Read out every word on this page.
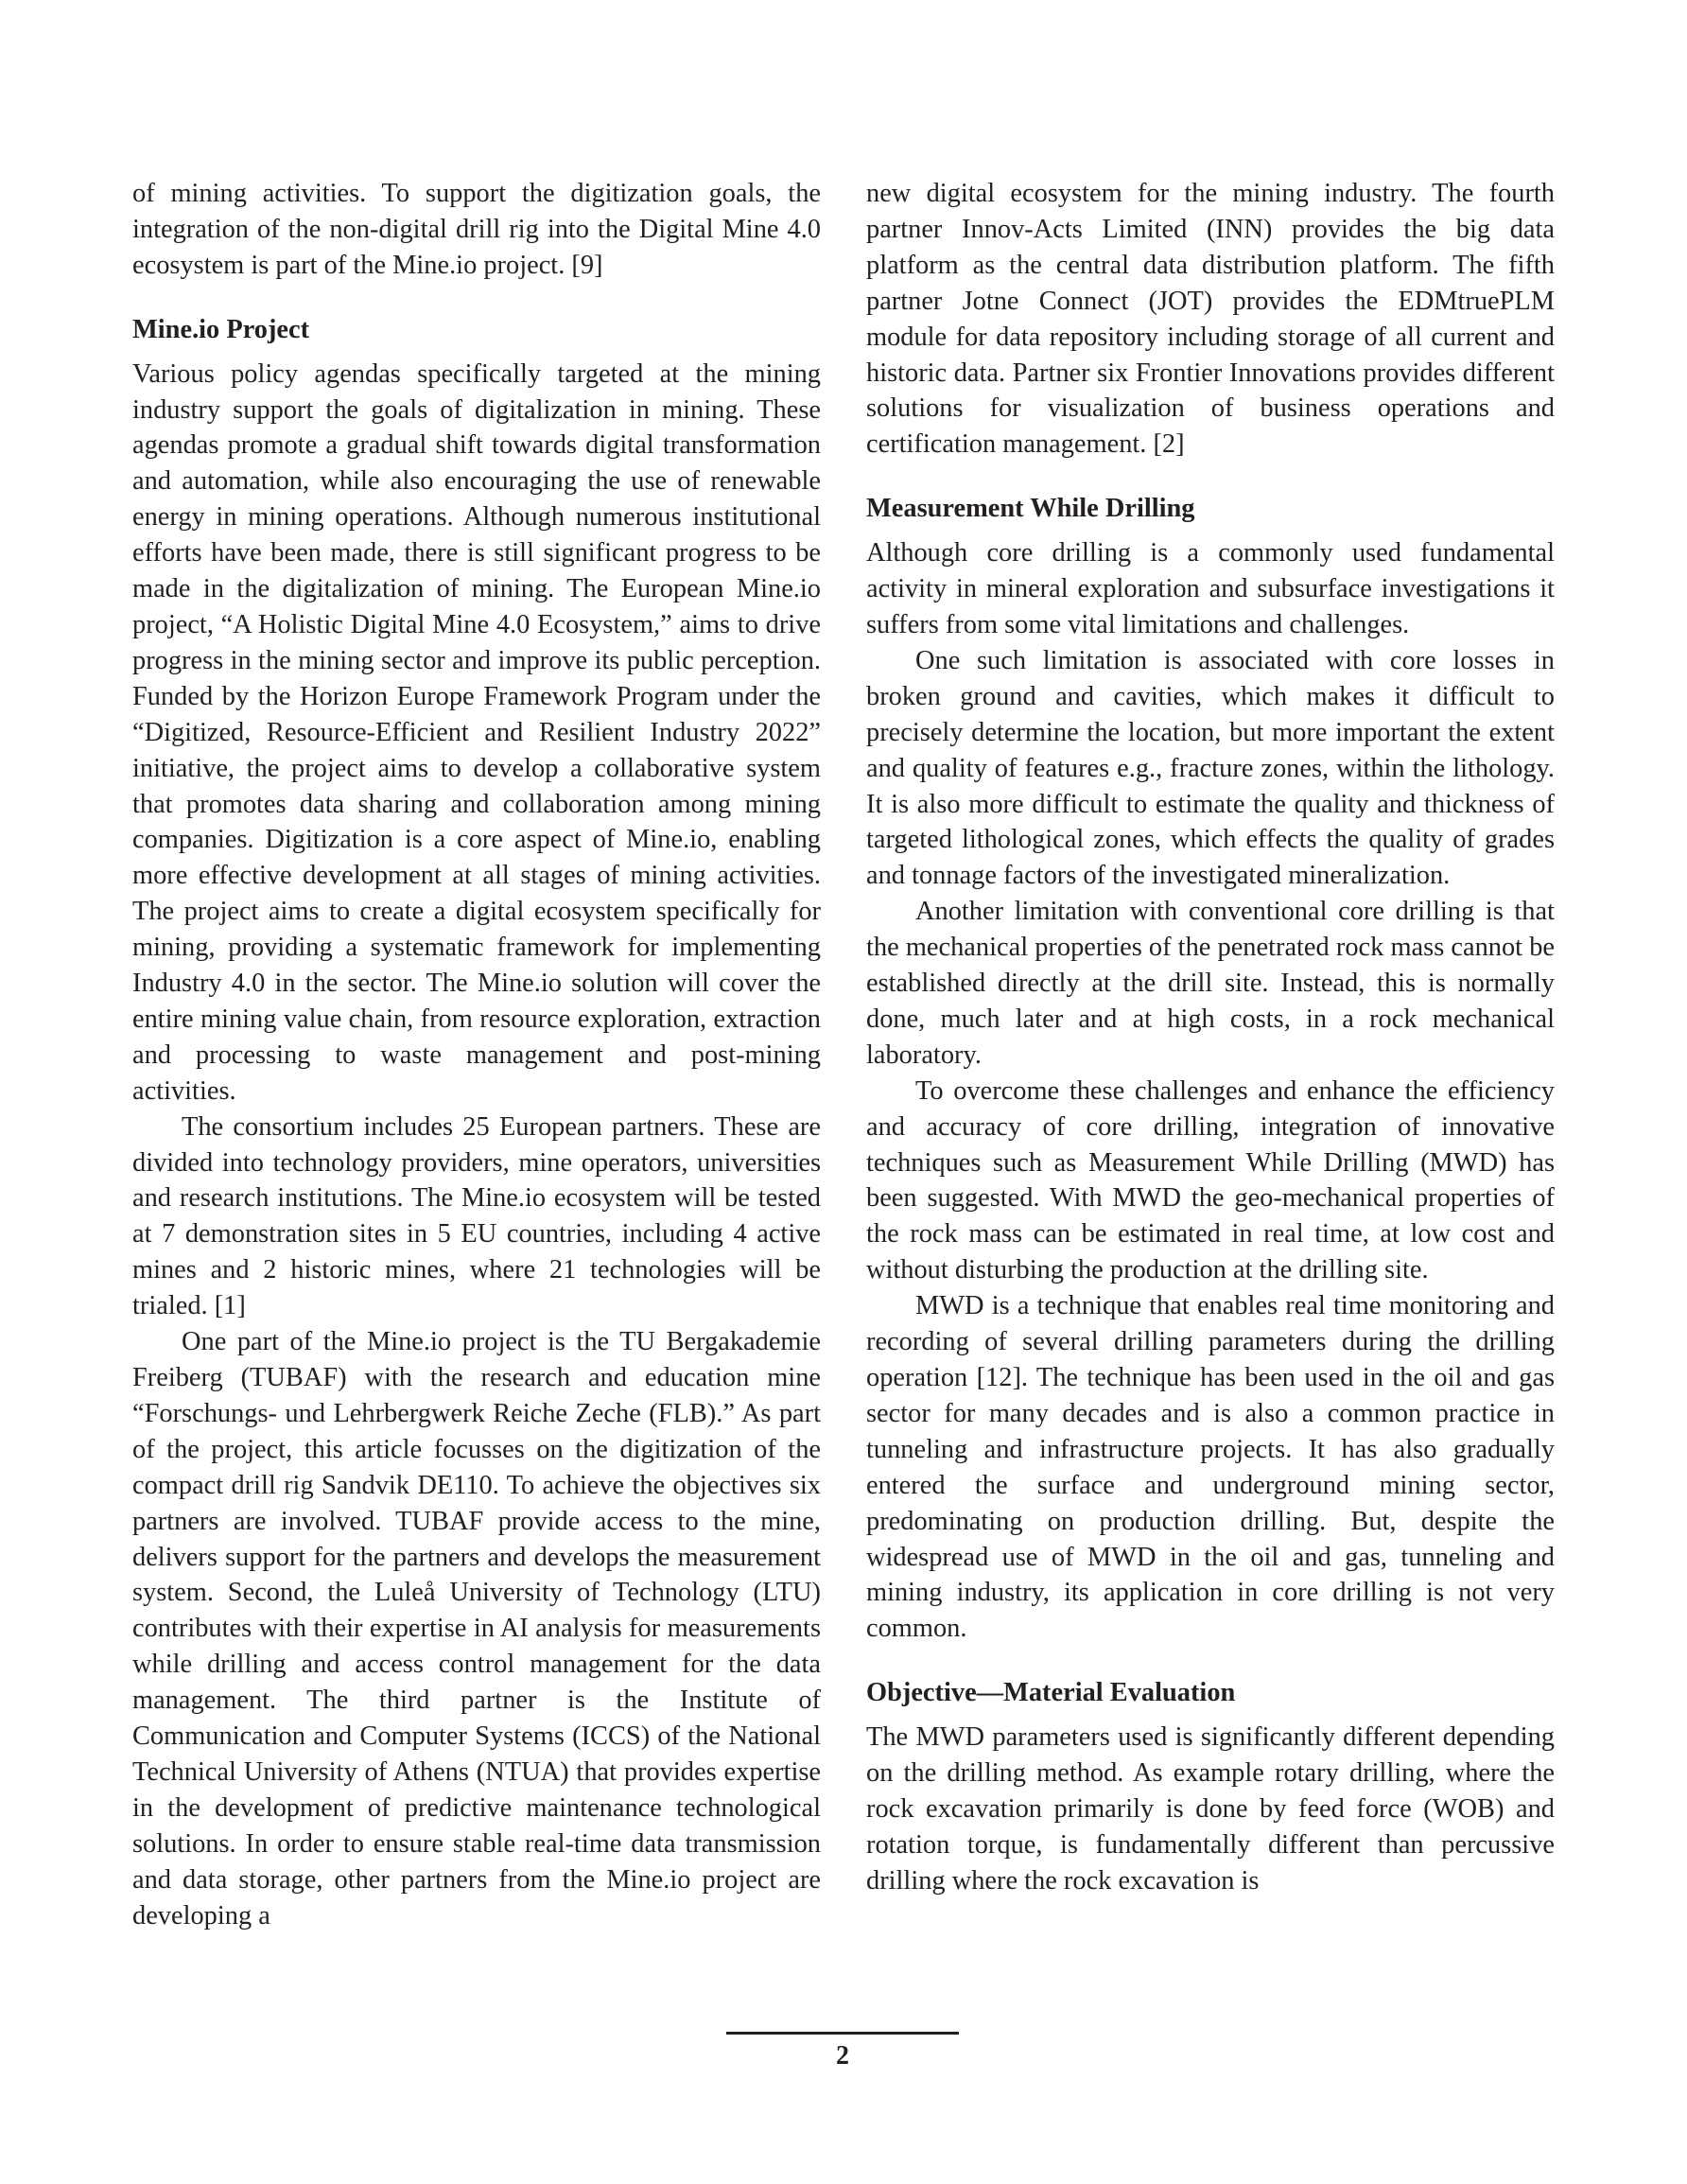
of mining activities. To support the digitization goals, the integration of the non-digital drill rig into the Digital Mine 4.0 ecosystem is part of the Mine.io project. [9]

Mine.io Project

Various policy agendas specifically targeted at the mining industry support the goals of digitalization in mining. These agendas promote a gradual shift towards digital transformation and automation, while also encouraging the use of renewable energy in mining operations. Although numerous institutional efforts have been made, there is still significant progress to be made in the digitalization of mining. The European Mine.io project, “A Holistic Digital Mine 4.0 Ecosystem,” aims to drive progress in the mining sector and improve its public perception. Funded by the Horizon Europe Framework Program under the “Digitized, Resource-Efficient and Resilient Industry 2022” initiative, the project aims to develop a collaborative system that promotes data sharing and collaboration among mining companies. Digitization is a core aspect of Mine.io, enabling more effective development at all stages of mining activities. The project aims to create a digital ecosystem specifically for mining, providing a systematic framework for implementing Industry 4.0 in the sector. The Mine.io solution will cover the entire mining value chain, from resource exploration, extraction and processing to waste management and post-mining activities.

The consortium includes 25 European partners. These are divided into technology providers, mine operators, universities and research institutions. The Mine.io ecosystem will be tested at 7 demonstration sites in 5 EU countries, including 4 active mines and 2 historic mines, where 21 technologies will be trialed. [1]

One part of the Mine.io project is the TU Bergakademie Freiberg (TUBAF) with the research and education mine “Forschungs- und Lehrbergwerk Reiche Zeche (FLB).” As part of the project, this article focusses on the digitization of the compact drill rig Sandvik DE110. To achieve the objectives six partners are involved. TUBAF provide access to the mine, delivers support for the partners and develops the measurement system. Second, the Luleå University of Technology (LTU) contributes with their expertise in AI analysis for measurements while drilling and access control management for the data management. The third partner is the Institute of Communication and Computer Systems (ICCS) of the National Technical University of Athens (NTUA) that provides expertise in the development of predictive maintenance technological solutions. In order to ensure stable real-time data transmission and data storage, other partners from the Mine.io project are developing a

new digital ecosystem for the mining industry. The fourth partner Innov-Acts Limited (INN) provides the big data platform as the central data distribution platform. The fifth partner Jotne Connect (JOT) provides the EDMtruePLM module for data repository including storage of all current and historic data. Partner six Frontier Innovations provides different solutions for visualization of business operations and certification management. [2]

Measurement While Drilling

Although core drilling is a commonly used fundamental activity in mineral exploration and subsurface investigations it suffers from some vital limitations and challenges.

One such limitation is associated with core losses in broken ground and cavities, which makes it difficult to precisely determine the location, but more important the extent and quality of features e.g., fracture zones, within the lithology. It is also more difficult to estimate the quality and thickness of targeted lithological zones, which effects the quality of grades and tonnage factors of the investigated mineralization.

Another limitation with conventional core drilling is that the mechanical properties of the penetrated rock mass cannot be established directly at the drill site. Instead, this is normally done, much later and at high costs, in a rock mechanical laboratory.

To overcome these challenges and enhance the efficiency and accuracy of core drilling, integration of innovative techniques such as Measurement While Drilling (MWD) has been suggested. With MWD the geo-mechanical properties of the rock mass can be estimated in real time, at low cost and without disturbing the production at the drilling site.

MWD is a technique that enables real time monitoring and recording of several drilling parameters during the drilling operation [12]. The technique has been used in the oil and gas sector for many decades and is also a common practice in tunneling and infrastructure projects. It has also gradually entered the surface and underground mining sector, predominating on production drilling. But, despite the widespread use of MWD in the oil and gas, tunneling and mining industry, its application in core drilling is not very common.

Objective—Material Evaluation

The MWD parameters used is significantly different depending on the drilling method. As example rotary drilling, where the rock excavation primarily is done by feed force (WOB) and rotation torque, is fundamentally different than percussive drilling where the rock excavation is

2
